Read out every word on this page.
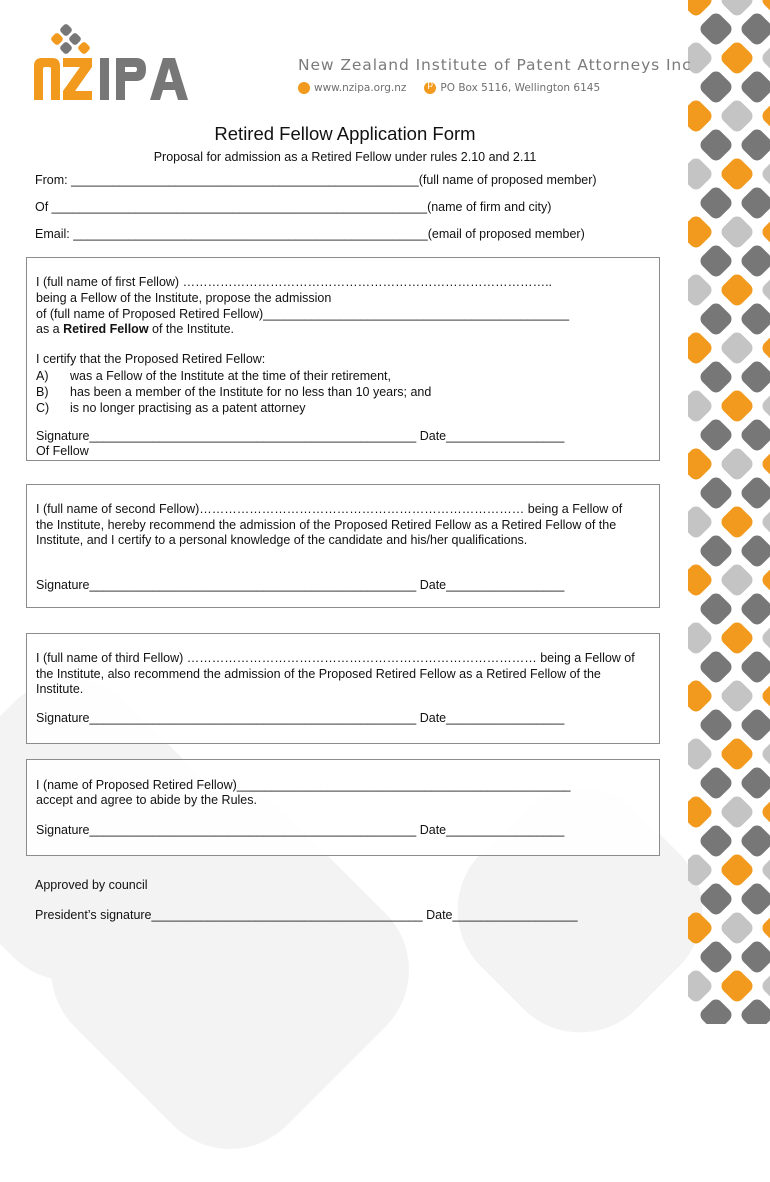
New Zealand Institute of Patent Attorneys Inc
www.nzipa.org.nz
p	PO Box 5116, Wellington 6145
Retired Fellow Application Form
Proposal for admission as a Retired Fellow under rules 2.10 and 2.11
From: __________________________________________________(full name of proposed member)
Of ______________________________________________________(name of firm and city)
Email: ___________________________________________________(email of proposed member)
I (full name of first Fellow) ……………………………………………………………………………..
being a Fellow of the Institute, propose the admission
of (full name of Proposed Retired Fellow)____________________________________________
as a Retired Fellow of the Institute.
I certify that the Proposed Retired Fellow:
A)	was a Fellow of the Institute at the time of their retirement,
B)	has been a member of the Institute for no less than 10 years; and
C)	is no longer practising as a patent attorney
Signature_______________________________________________ Date_________________
Of Fellow
I (full name of second Fellow)…………………………………………………………………… being a Fellow of the Institute, hereby recommend the admission of the Proposed Retired Fellow as a Retired Fellow of the Institute, and I certify to a personal knowledge of the candidate and his/her qualifications.
Signature_______________________________________________ Date_________________
I (full name of third Fellow) ………………………………………………………………………… being a Fellow of the Institute, also recommend the admission of the Proposed Retired Fellow as a Retired Fellow of the Institute.
Signature_______________________________________________ Date_________________
I (name of Proposed Retired Fellow)________________________________________________
accept and agree to abide by the Rules.
Signature_______________________________________________ Date_________________
Approved by council
President’s signature_______________________________________ Date__________________
